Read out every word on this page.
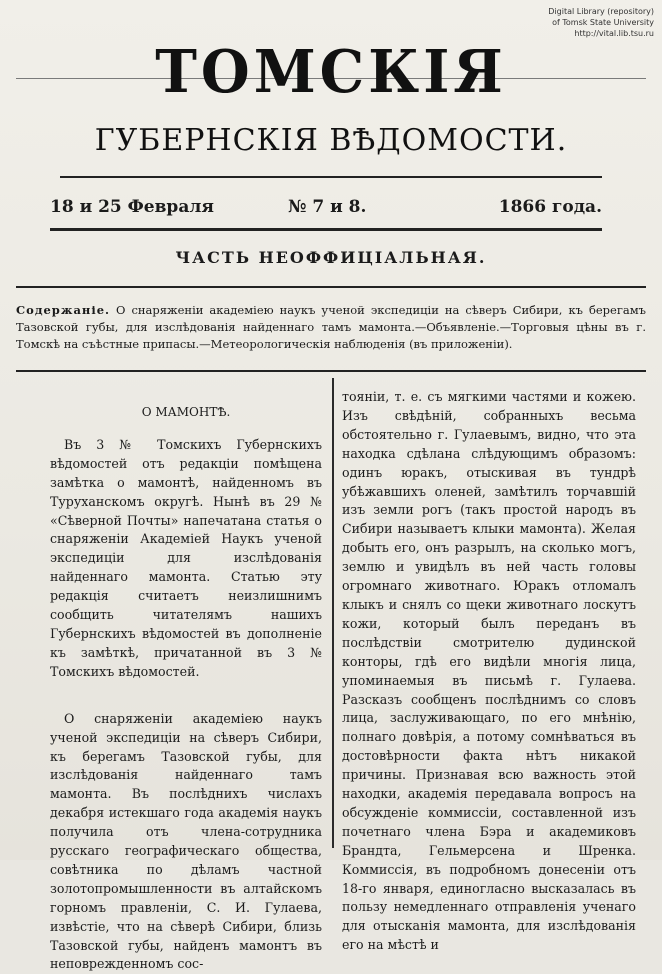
Digital Library (repository)
of Tomsk State University
http://vital.lib.tsu.ru
ТОМСКІЯ
ГУБЕРНСКІЯ ВѢДОМОСТИ.
18 и 25 Февраля	№ 7 и 8.	1866 года.
ЧАСТЬ НЕОФФИЦІАЛЬНАЯ.
Содержаніе. О снаряженіи академіею наукъ ученой экспедиціи на сѣверъ Сибири, къ берегамъ Тазовской губы, для изслѣдованія найденнаго тамъ мамонта.—Объявленіе.—Торговыя цѣны въ г. Томскѣ на съѣстные припасы.—Метеорологическія наблюденія (въ приложеніи).
О МАМОНТѢ.

Въ 3 № Томскихъ Губернскихъ вѣдомостей отъ редакціи помѣщена замѣтка о мамонтѣ, найденномъ въ Туруханскомъ округѣ. Нынѣ въ 29 № «Сѣверной Почты» напечатана статья о снаряженіи Академіей Наукъ ученой экспедиціи для изслѣдованія найденнаго мамонта. Статью эту редакція считаетъ неизлишнимъ сообщить читателямъ нашихъ Губернскихъ вѣдомостей въ дополненіе къ замѣткѣ, причатанной въ 3 № Томскихъ вѣдомостей.

О снаряженіи академіею наукъ ученой экспедиціи на сѣверъ Сибири, къ берегамъ Тазовской губы, для изслѣдованія найденнаго тамъ мамонта. Въ послѣднихъ числахъ декабря истекшаго года академія наукъ получила отъ члена-сотрудника русскаго географическаго общества, совѣтника по дѣламъ частной золотопромышленности въ алтайскомъ горномъ правленіи, С. И. Гулаева, извѣстіе, что на сѣверѣ Сибири, близь Тазовской губы, найденъ мамонтъ въ неповрежденномъ сос-

тояніи, т. е. съ мягкими частями и кожею. Изъ свѣдѣній, собранныхъ весьма обстоятельно г. Гулаевымъ, видно, что эта находка сдѣлана слѣдующимъ образомъ: одинъ юракъ, отыскивая въ тундрѣ убѣжавшихъ оленей, замѣтилъ торчавшій изъ земли рогъ (такъ простой народъ въ Сибири называетъ клыки мамонта). Желая добыть его, онъ разрылъ, на сколько могъ, землю и увидѣлъ въ ней часть головы огромнаго животнаго. Юракъ отломалъ клыкъ и снялъ со щеки животнаго лоскутъ кожи, который былъ переданъ въ послѣдствіи смотрителю дудинской конторы, гдѣ его видѣли многія лица, упоминаемыя въ письмѣ г. Гулаева. Разсказъ сообщенъ послѣднимъ со словъ лица, заслуживающаго, по его мнѣнію, полнаго довѣрія, а потому сомнѣваться въ достовѣрности факта нѣтъ никакой причины. Признавая всю важность этой находки, академія передавала вопросъ на обсужденіе коммиссіи, составленной изъ почетнаго члена Бэра и академиковъ Брандта, Гельмерсена и Шренка. Коммиссія, въ подробномъ донесеніи отъ 18-го января, единогласно высказалась въ пользу немедленнаго отправленія ученаго для отысканія мамонта, для изслѣдованія его на мѣстѣ и
